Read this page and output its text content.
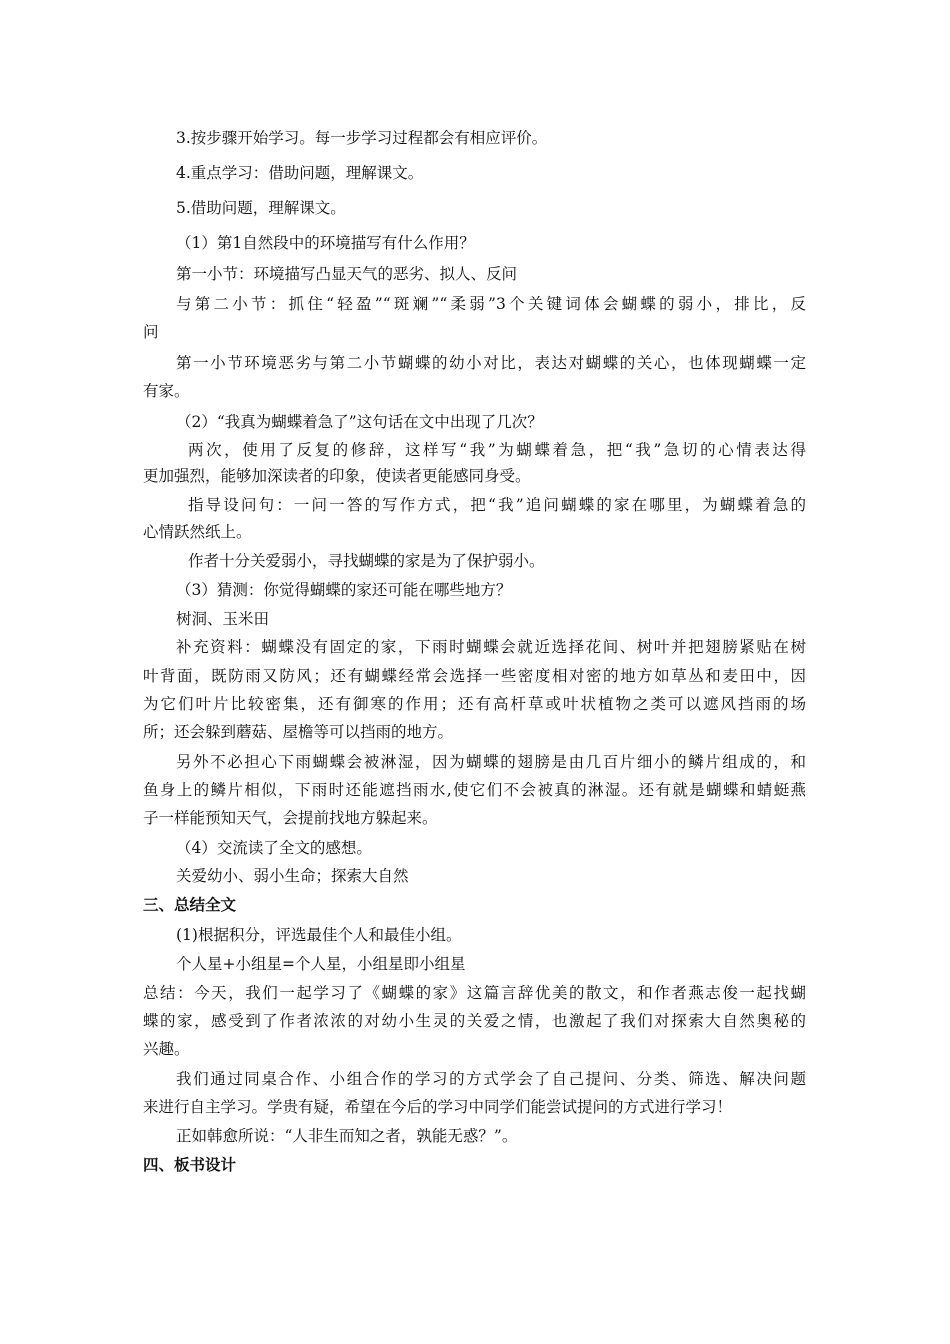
3.按步骤开始学习。每一步学习过程都会有相应评价。
4.重点学习：借助问题，理解课文。
5.借助问题，理解课文。
（1）第1自然段中的环境描写有什么作用？
第一小节：环境描写凸显天气的恶劣、拟人、反问
与第二小节：抓住“轻盈”“斑斓”“柔弱”3个关键词体会蝴蝶的弱小，排比，反
问
第一小节环境恶劣与第二小节蝴蝶的幼小对比，表达对蝴蝶的关心，也体现蝴蝶一定
有家。
（2）“我真为蝴蝶着急了”这句话在文中出现了几次？
两次，使用了反复的修辞，这样写“我”为蝴蝶着急，把“我”急切的心情表达得
更加强烈，能够加深读者的印象，使读者更能感同身受。
指导设问句：一问一答的写作方式，把“我”追问蝴蝶的家在哪里，为蝴蝶着急的
心情跃然纸上。
作者十分关爱弱小，寻找蝴蝶的家是为了保护弱小。
（3）猜测：你觉得蝴蝶的家还可能在哪些地方？
树洞、玉米田
补充资料：蝴蝶没有固定的家，下雨时蝴蝶会就近选择花间、树叶并把翅膀紧贴在树
叶背面，既防雨又防风；还有蝴蝶经常会选择一些密度相对密的地方如草丛和麦田中，因
为它们叶片比较密集，还有御寒的作用；还有高杆草或叶状植物之类可以遮风挡雨的场
所；还会躲到蘑菇、屋檐等可以挡雨的地方。
另外不必担心下雨蝴蝶会被淋湿，因为蝴蝶的翅膀是由几百片细小的鳞片组成的，和
鱼身上的鳞片相似，下雨时还能遮挡雨水,使它们不会被真的淋湿。还有就是蝴蝶和蜻蜓燕
子一样能预知天气，会提前找地方躲起来。
（4）交流读了全文的感想。
关爱幼小、弱小生命；探索大自然
三、总结全文
(1)根据积分，评选最佳个人和最佳小组。
个人星+小组星=个人星，小组星即小组星
总结：今天，我们一起学习了《蝴蝶的家》这篇言辞优美的散文，和作者燕志俊一起找蝴
蝶的家，感受到了作者浓浓的对幼小生灵的关爱之情，也激起了我们对探索大自然奥秘的
兴趣。
我们通过同桌合作、小组合作的学习的方式学会了自己提问、分类、筛选、解决问题
来进行自主学习。学贵有疑，希望在今后的学习中同学们能尝试提问的方式进行学习！
正如韩愈所说：“人非生而知之者，孰能无惑？”。
四、板书设计
